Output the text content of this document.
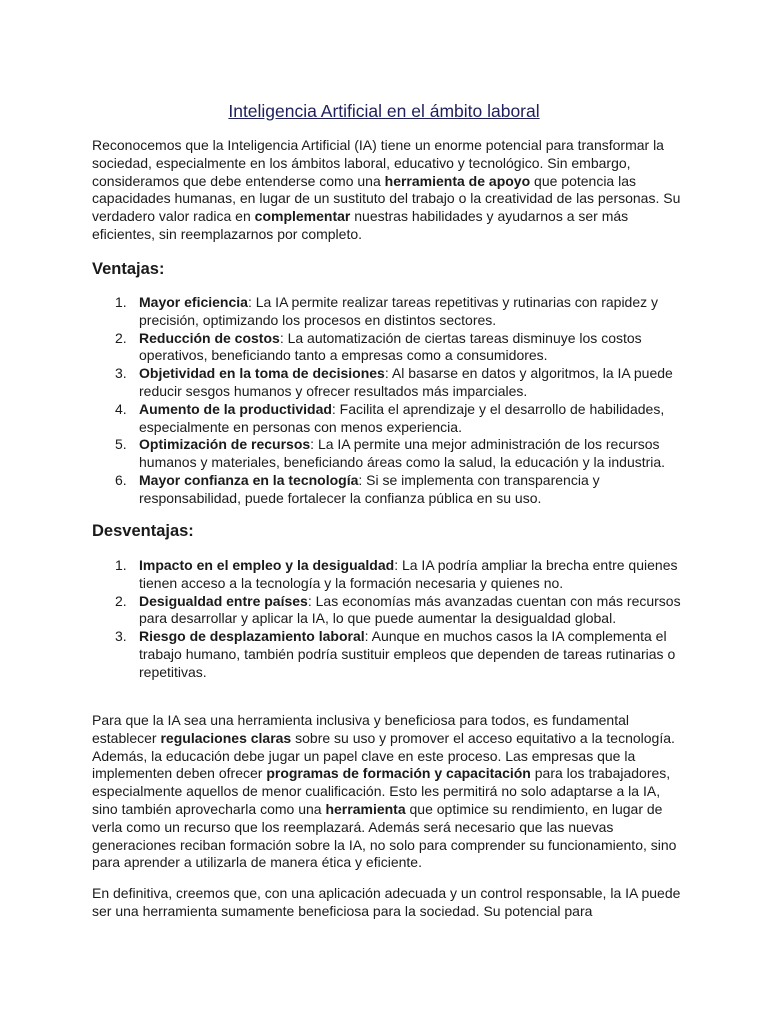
Inteligencia Artificial en el ámbito laboral

Reconocemos que la Inteligencia Artificial (IA) tiene un enorme potencial para transformar la sociedad, especialmente en los ámbitos laboral, educativo y tecnológico. Sin embargo, consideramos que debe entenderse como una herramienta de apoyo que potencia las capacidades humanas, en lugar de un sustituto del trabajo o la creatividad de las personas. Su verdadero valor radica en complementar nuestras habilidades y ayudarnos a ser más eficientes, sin reemplazarnos por completo.

Ventajas:
1. Mayor eficiencia: La IA permite realizar tareas repetitivas y rutinarias con rapidez y precisión, optimizando los procesos en distintos sectores.
2. Reducción de costos: La automatización de ciertas tareas disminuye los costos operativos, beneficiando tanto a empresas como a consumidores.
3. Objetividad en la toma de decisiones: Al basarse en datos y algoritmos, la IA puede reducir sesgos humanos y ofrecer resultados más imparciales.
4. Aumento de la productividad: Facilita el aprendizaje y el desarrollo de habilidades, especialmente en personas con menos experiencia.
5. Optimización de recursos: La IA permite una mejor administración de los recursos humanos y materiales, beneficiando áreas como la salud, la educación y la industria.
6. Mayor confianza en la tecnología: Si se implementa con transparencia y responsabilidad, puede fortalecer la confianza pública en su uso.
Desventajas:
1. Impacto en el empleo y la desigualdad: La IA podría ampliar la brecha entre quienes tienen acceso a la tecnología y la formación necesaria y quienes no.
2. Desigualdad entre países: Las economías más avanzadas cuentan con más recursos para desarrollar y aplicar la IA, lo que puede aumentar la desigualdad global.
3. Riesgo de desplazamiento laboral: Aunque en muchos casos la IA complementa el trabajo humano, también podría sustituir empleos que dependen de tareas rutinarias o repetitivas.

Para que la IA sea una herramienta inclusiva y beneficiosa para todos, es fundamental establecer regulaciones claras sobre su uso y promover el acceso equitativo a la tecnología. Además, la educación debe jugar un papel clave en este proceso. Las empresas que la implementen deben ofrecer programas de formación y capacitación para los trabajadores, especialmente aquellos de menor cualificación. Esto les permitirá no solo adaptarse a la IA, sino también aprovecharla como una herramienta que optimice su rendimiento, en lugar de verla como un recurso que los reemplazará. Además será necesario que las nuevas generaciones reciban formación sobre la IA, no solo para comprender su funcionamiento, sino para aprender a utilizarla de manera ética y eficiente.

En definitiva, creemos que, con una aplicación adecuada y un control responsable, la IA puede ser una herramienta sumamente beneficiosa para la sociedad. Su potencial para
